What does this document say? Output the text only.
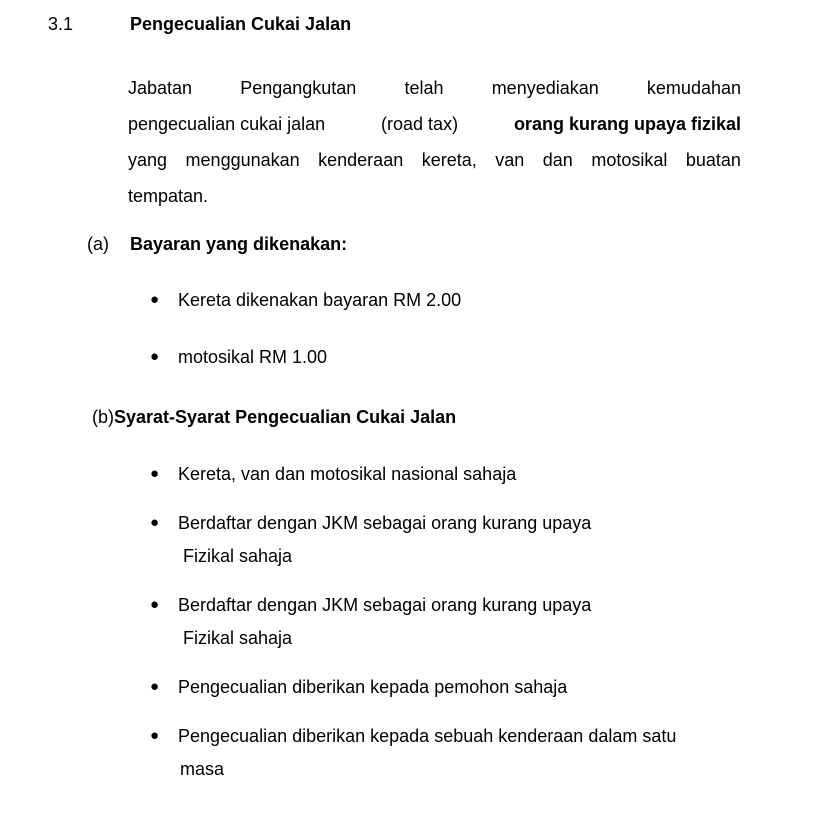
3.1	Pengecualian Cukai Jalan
Jabatan	Pengangkutan	telah	menyediakan	kemudahan
pengecualian cukai jalan	(road tax)	orang kurang upaya fizikal
yang menggunakan kenderaan kereta, van dan motosikal buatan
tempatan.
(a)	Bayaran yang dikenakan:
●	Kereta dikenakan bayaran RM 2.00
●	motosikal RM 1.00
(b)Syarat-Syarat Pengecualian Cukai Jalan
●	Kereta, van dan motosikal nasional sahaja
●	Berdaftar dengan JKM sebagai orang kurang upaya
Fizikal sahaja
●	Berdaftar dengan JKM sebagai orang kurang upaya
Fizikal sahaja
●	Pengecualian diberikan kepada pemohon sahaja
●	Pengecualian diberikan kepada sebuah kenderaan dalam satu
masa
